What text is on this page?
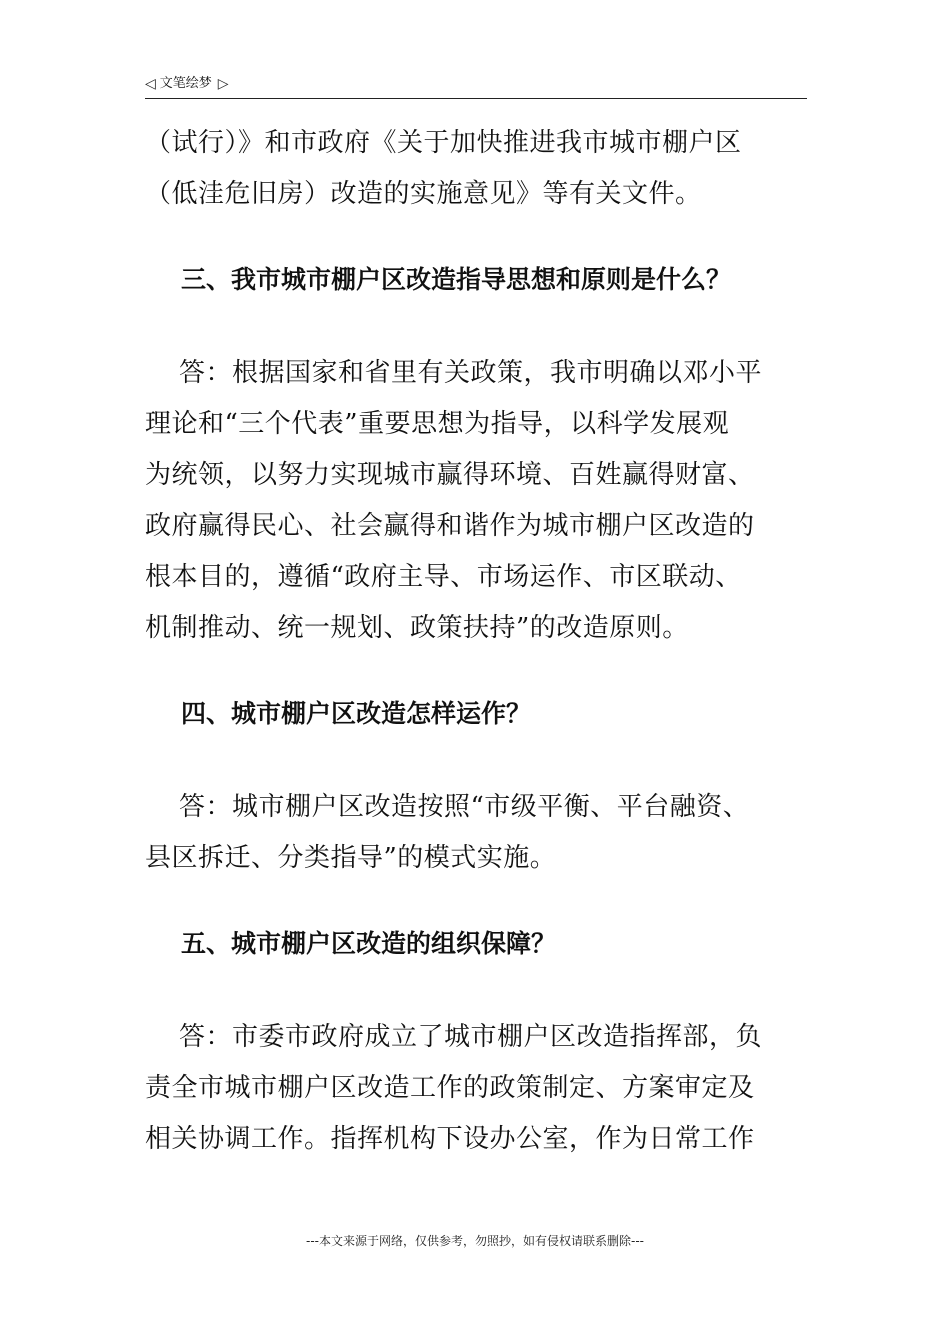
◁ 文笔绘梦 ▷

（试行）》和市政府《关于加快推进我市城市棚户区
（低洼危旧房）改造的实施意见》等有关文件。

三、我市城市棚户区改造指导思想和原则是什么？

答：根据国家和省里有关政策，我市明确以邓小平
理论和“三个代表”重要思想为指导，以科学发展观
为统领，以努力实现城市赢得环境、百姓赢得财富、
政府赢得民心、社会赢得和谐作为城市棚户区改造的
根本目的，遵循“政府主导、市场运作、市区联动、
机制推动、统一规划、政策扶持”的改造原则。

四、城市棚户区改造怎样运作？

答：城市棚户区改造按照“市级平衡、平台融资、
县区拆迁、分类指导”的模式实施。

五、城市棚户区改造的组织保障？

答：市委市政府成立了城市棚户区改造指挥部，负
责全市城市棚户区改造工作的政策制定、方案审定及
相关协调工作。指挥机构下设办公室，作为日常工作

---本文来源于网络，仅供参考，勿照抄，如有侵权请联系删除---
